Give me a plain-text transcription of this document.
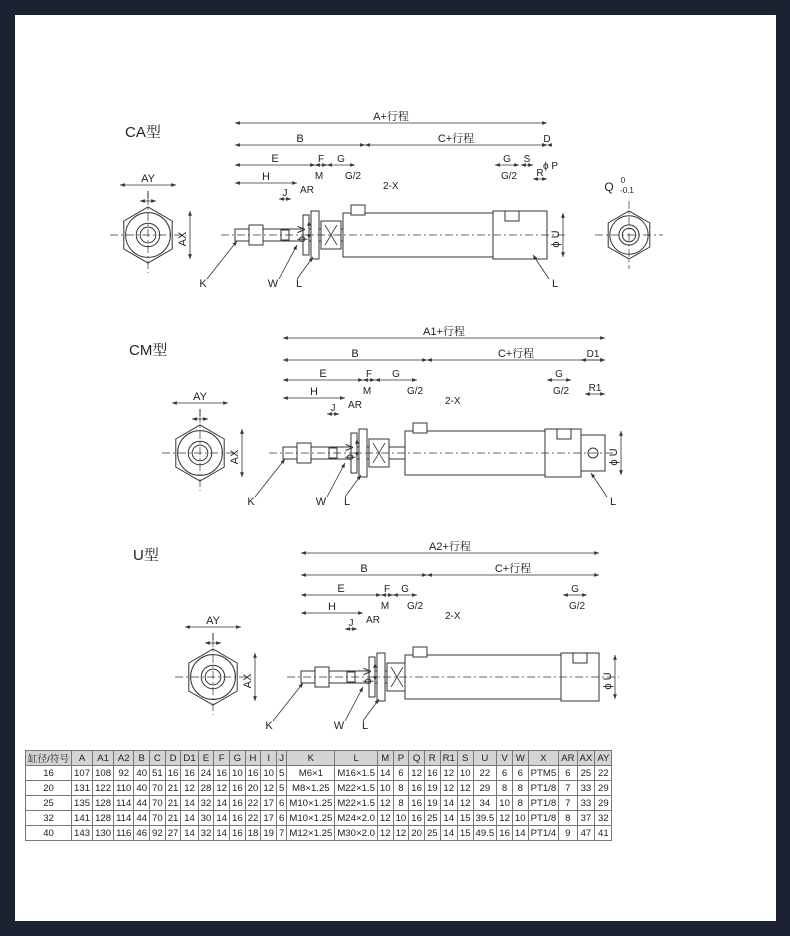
CA型
AY
I
AX
A+行程
B	C+行程	D
E	F G
H
J AR
M G/2
2-X
G
G/2
S
R
ϕ P
ϕ U
ϕ V
K	W L	L
Q 0
-0.1
CM型
AY
I
AX
A1+行程
B	C+行程	D1
E	F G
H
J AR
M	G/2
2-X
G
G/2 R1
ϕ U
ϕ V
K	W L	L
U型
AY
I
AX
A2+行程
B	C+行程
E	F G
H
J AR
M G/2
2-X
G
G/2
ϕ U
ϕ V
K	W L
缸径/符号	A	A1	A2	B	C	D	D1	E	F	G	H	I	J	K	L	M	P	Q	R	R1	S	U	V	W	X	AR	AX	AY
16	107	108	92	40	51	16	16	24	16	10	16	10	5	M6×1	M16×1.5	14	6	12	16	12	10	22	6	6	PTM5	6	25	22
20	131	122	110	40	70	21	12	28	12	16	20	12	5	M8×1.25	M22×1.5	10	8	16	19	12	12	29	8	8	PT1/8	7	33	29
25	135	128	114	44	70	21	14	32	14	16	22	17	6	M10×1.25	M22×1.5	12	8	16	19	14	12	34	10	8	PT1/8	7	33	29
32	141	128	114	44	70	21	14	30	14	16	22	17	6	M10×1.25	M24×2.0	12	10	16	25	14	15	39.5	12	10	PT1/8	8	37	32
40	143	130	116	46	92	27	14	32	14	16	18	19	7	M12×1.25	M30×2.0	12	12	20	25	14	15	49.5	16	14	PT1/4	9	47	41
